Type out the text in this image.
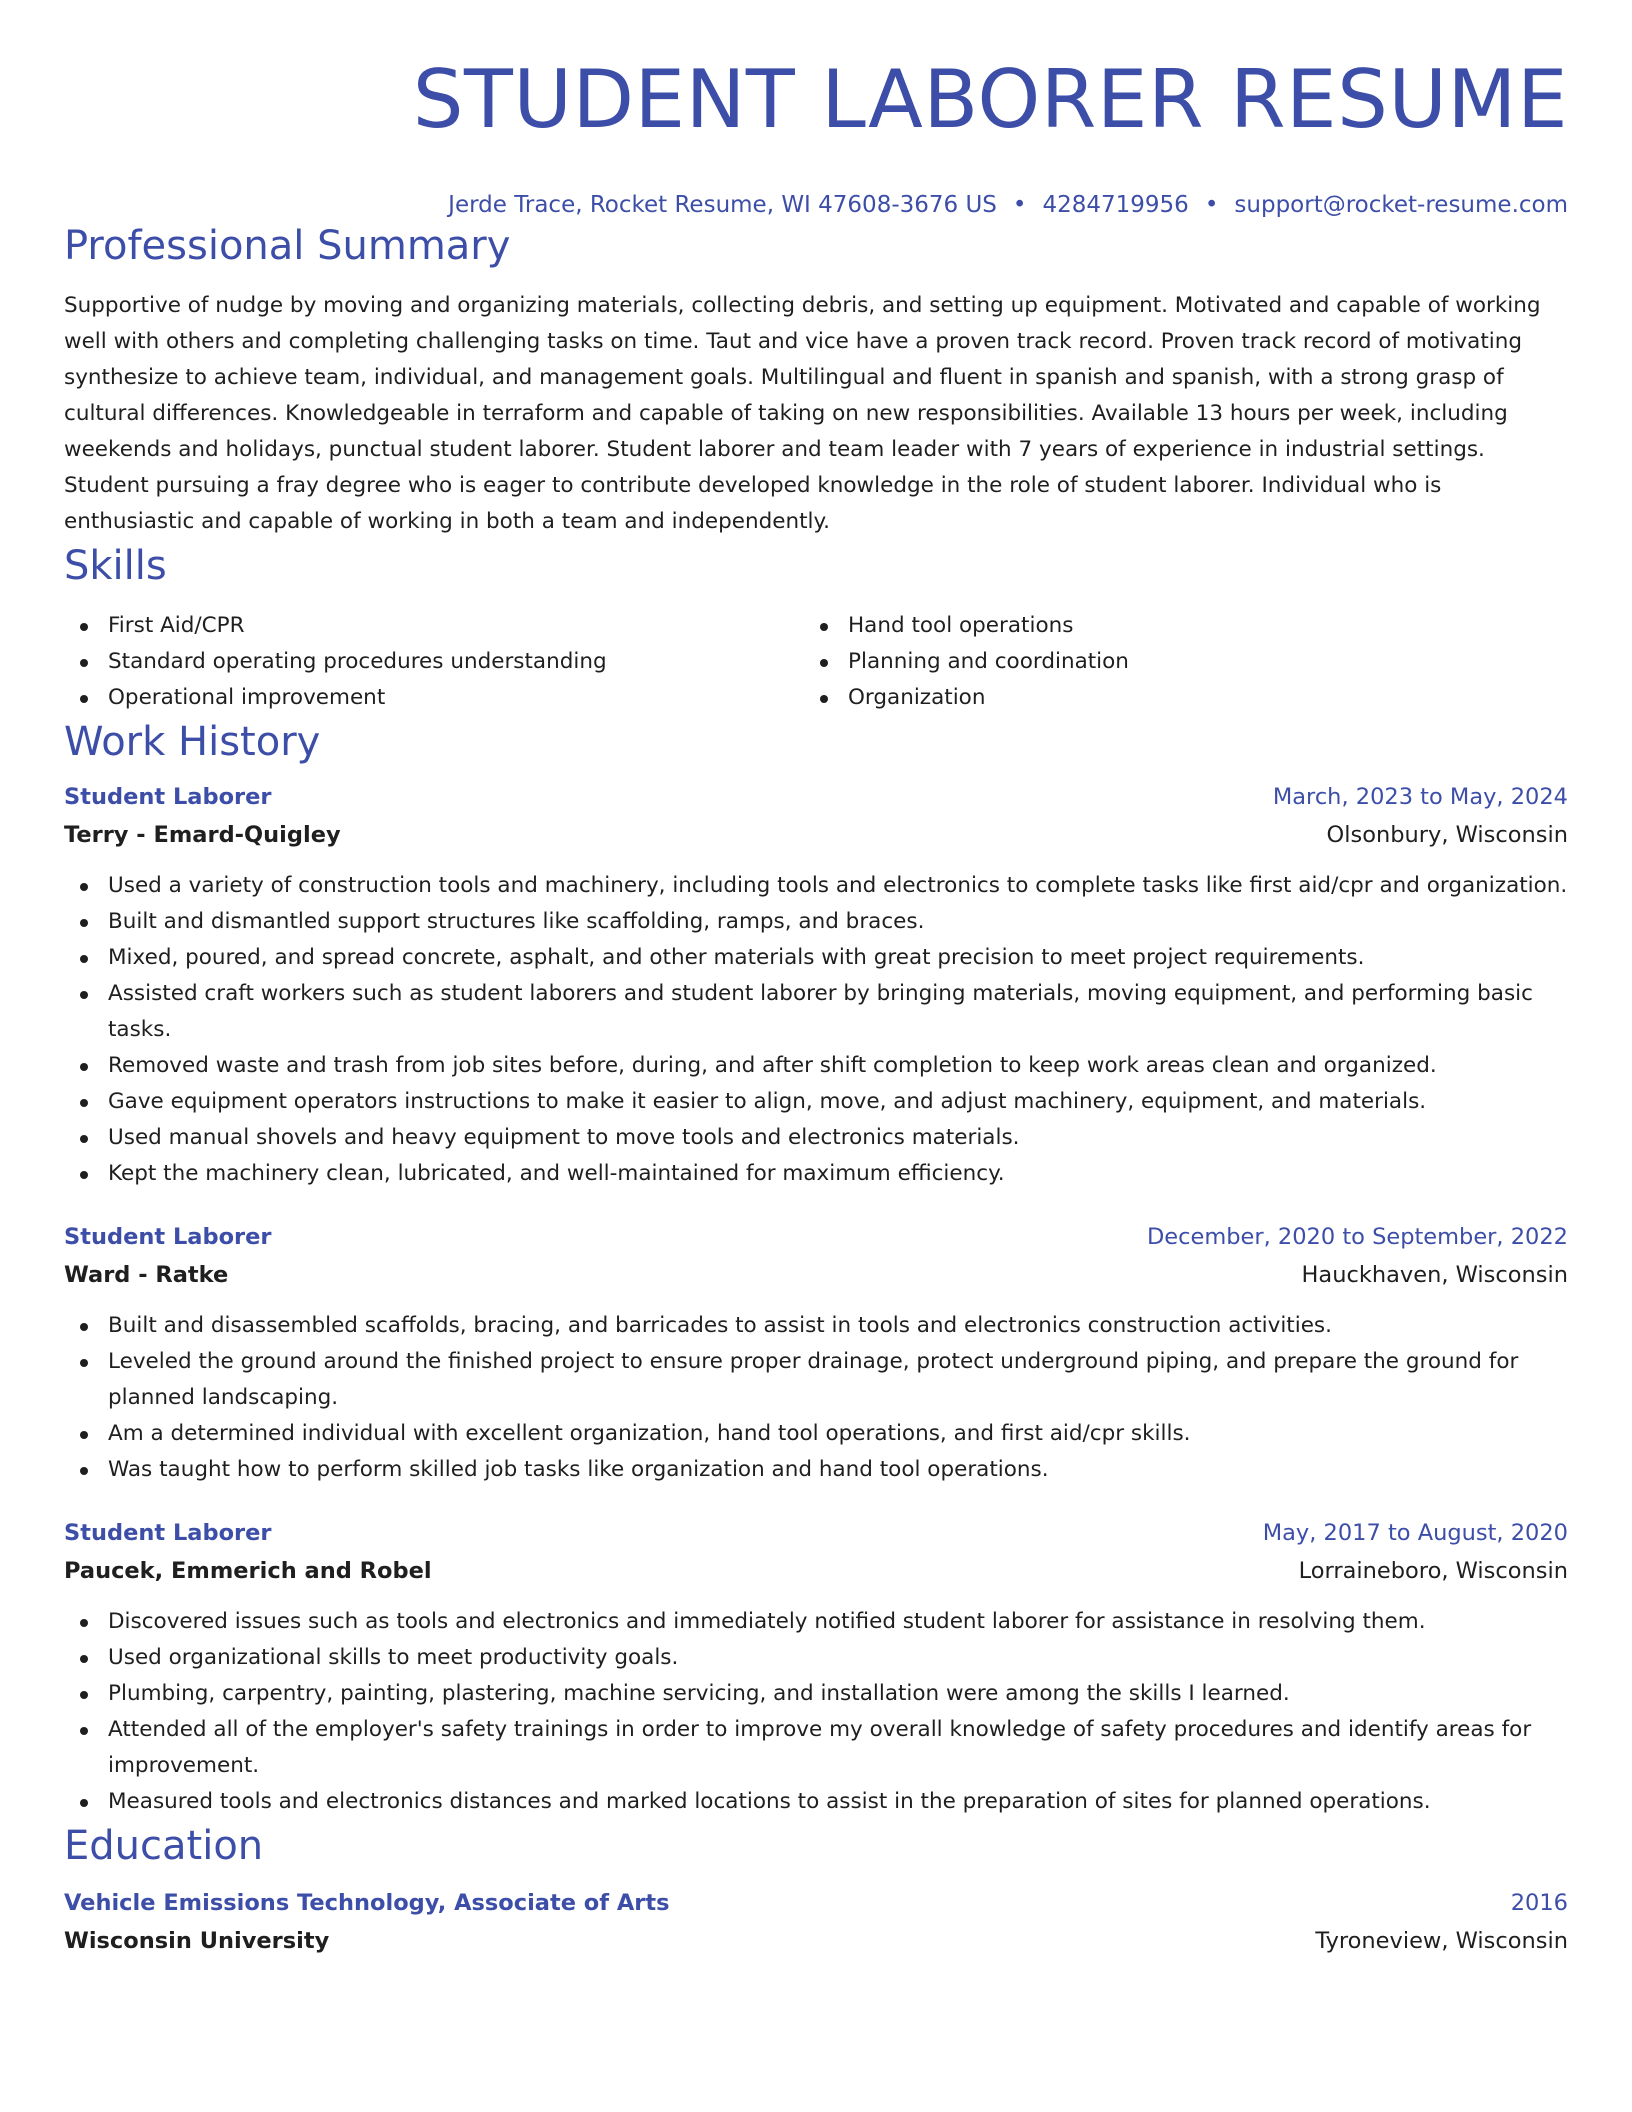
STUDENT LABORER RESUME
Jerde Trace, Rocket Resume, WI 47608-3676 US • 4284719956 • support@rocket-resume.com
Professional Summary
Supportive of nudge by moving and organizing materials, collecting debris, and setting up equipment. Motivated and capable of working well with others and completing challenging tasks on time. Taut and vice have a proven track record. Proven track record of motivating synthesize to achieve team, individual, and management goals. Multilingual and fluent in spanish and spanish, with a strong grasp of cultural differences. Knowledgeable in terraform and capable of taking on new responsibilities. Available 13 hours per week, including weekends and holidays, punctual student laborer. Student laborer and team leader with 7 years of experience in industrial settings. Student pursuing a fray degree who is eager to contribute developed knowledge in the role of student laborer. Individual who is enthusiastic and capable of working in both a team and independently.
Skills
First Aid/CPR
Standard operating procedures understanding
Operational improvement
Hand tool operations
Planning and coordination
Organization
Work History
Student Laborer	March, 2023 to May, 2024
Terry - Emard-Quigley	Olsonbury, Wisconsin
Used a variety of construction tools and machinery, including tools and electronics to complete tasks like first aid/cpr and organization.
Built and dismantled support structures like scaffolding, ramps, and braces.
Mixed, poured, and spread concrete, asphalt, and other materials with great precision to meet project requirements.
Assisted craft workers such as student laborers and student laborer by bringing materials, moving equipment, and performing basic tasks.
Removed waste and trash from job sites before, during, and after shift completion to keep work areas clean and organized.
Gave equipment operators instructions to make it easier to align, move, and adjust machinery, equipment, and materials.
Used manual shovels and heavy equipment to move tools and electronics materials.
Kept the machinery clean, lubricated, and well-maintained for maximum efficiency.
Student Laborer	December, 2020 to September, 2022
Ward - Ratke	Hauckhaven, Wisconsin
Built and disassembled scaffolds, bracing, and barricades to assist in tools and electronics construction activities.
Leveled the ground around the finished project to ensure proper drainage, protect underground piping, and prepare the ground for planned landscaping.
Am a determined individual with excellent organization, hand tool operations, and first aid/cpr skills.
Was taught how to perform skilled job tasks like organization and hand tool operations.
Student Laborer	May, 2017 to August, 2020
Paucek, Emmerich and Robel	Lorraineboro, Wisconsin
Discovered issues such as tools and electronics and immediately notified student laborer for assistance in resolving them.
Used organizational skills to meet productivity goals.
Plumbing, carpentry, painting, plastering, machine servicing, and installation were among the skills I learned.
Attended all of the employer's safety trainings in order to improve my overall knowledge of safety procedures and identify areas for improvement.
Measured tools and electronics distances and marked locations to assist in the preparation of sites for planned operations.
Education
Vehicle Emissions Technology, Associate of Arts	2016
Wisconsin University	Tyroneview, Wisconsin
